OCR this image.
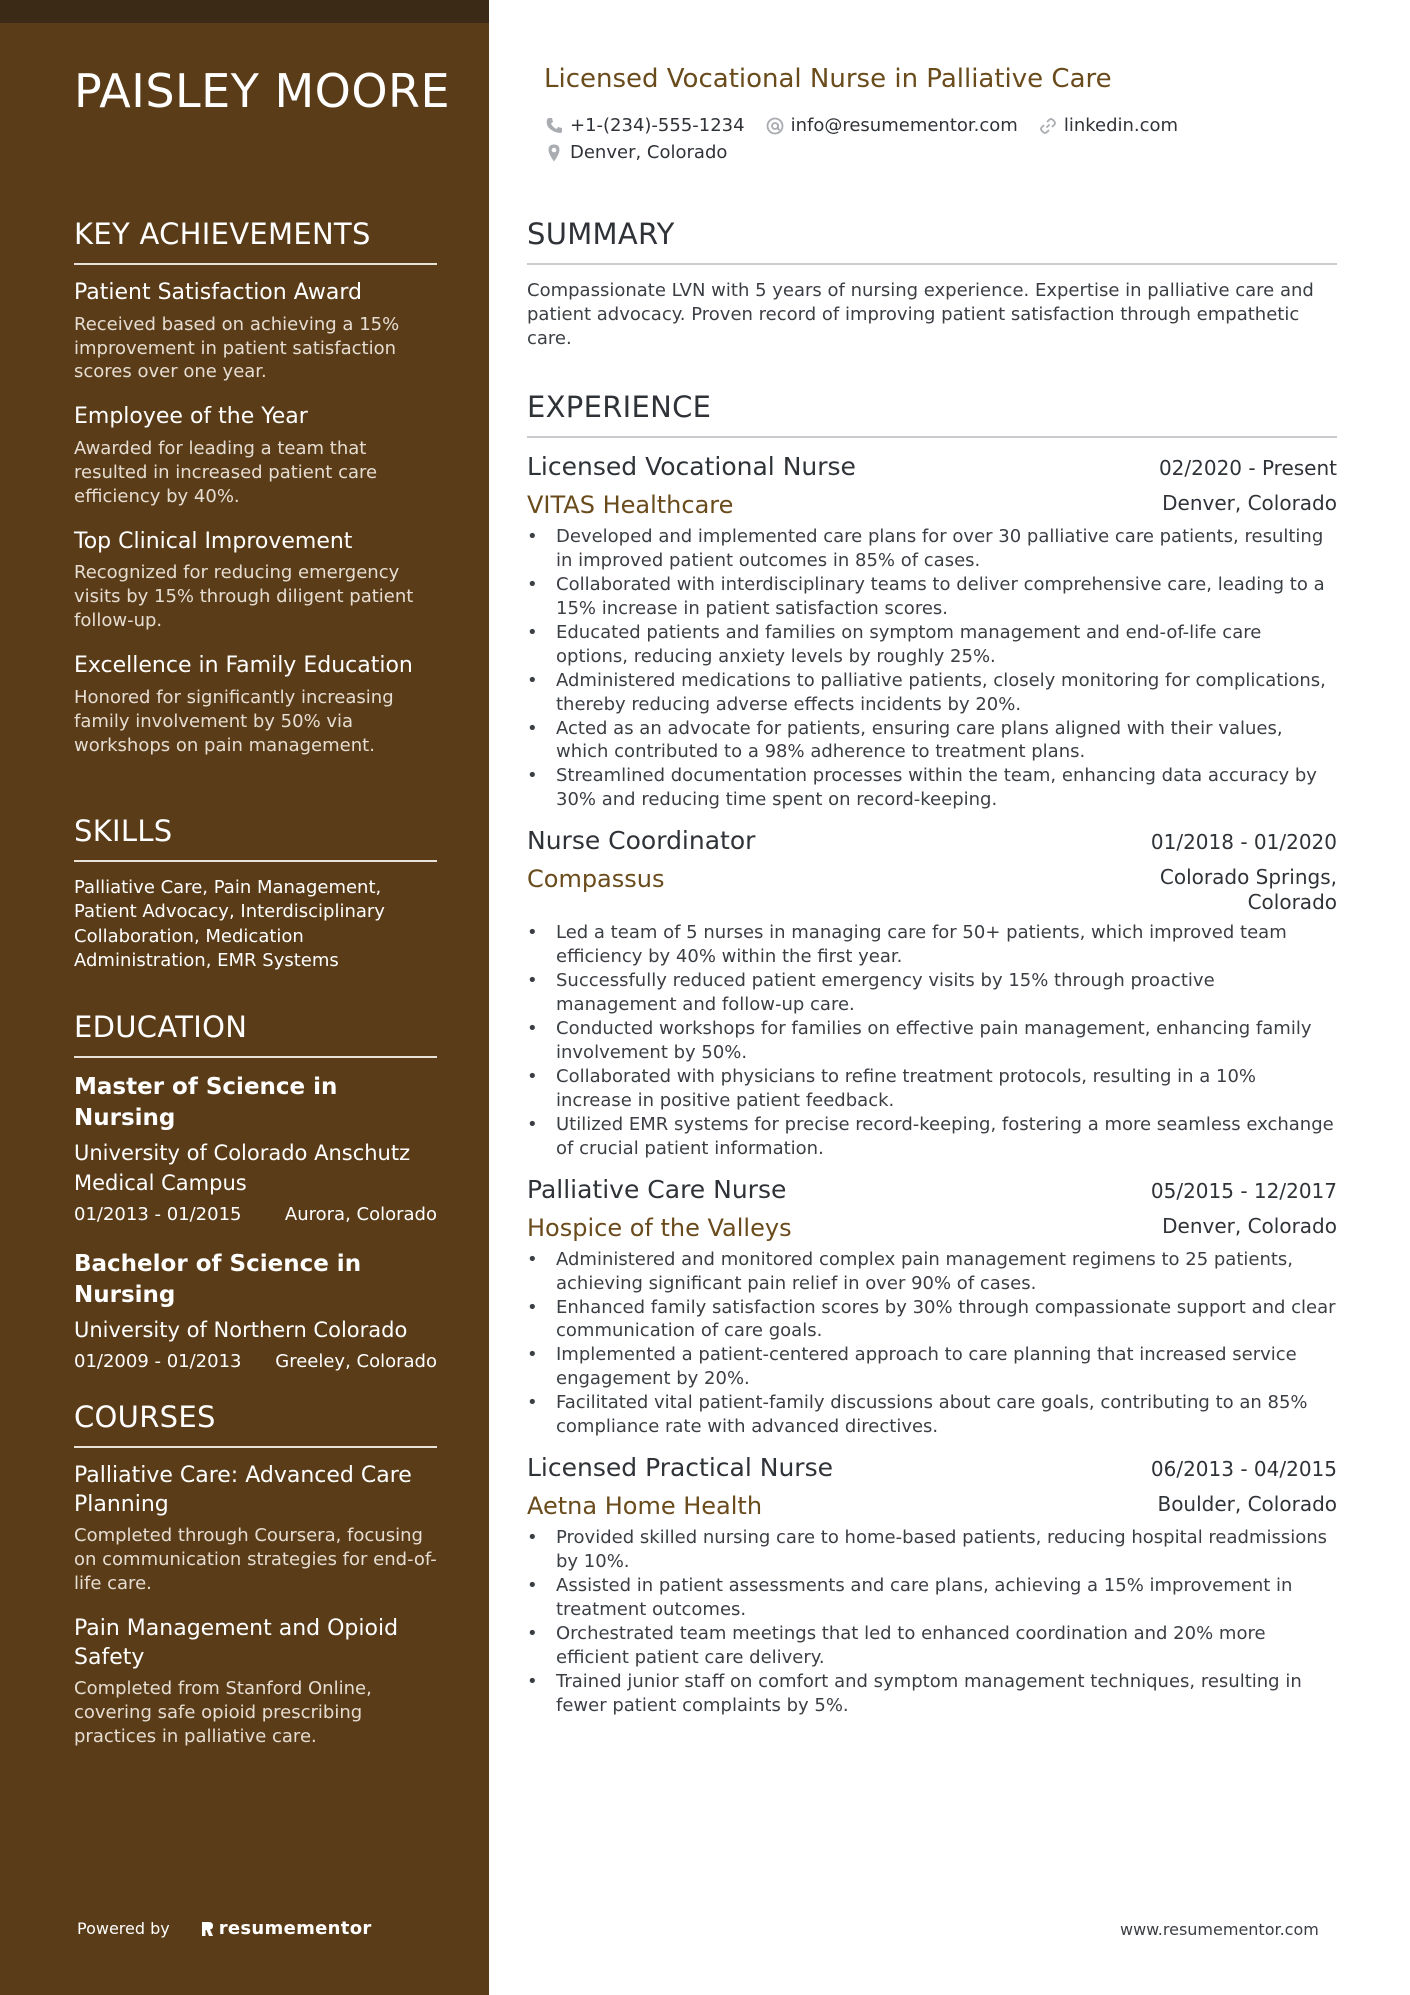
PAISLEY MOORE
KEY ACHIEVEMENTS
Patient Satisfaction Award
Received based on achieving a 15% improvement in patient satisfaction scores over one year.
Employee of the Year
Awarded for leading a team that resulted in increased patient care efficiency by 40%.
Top Clinical Improvement
Recognized for reducing emergency visits by 15% through diligent patient follow-up.
Excellence in Family Education
Honored for significantly increasing family involvement by 50% via workshops on pain management.
SKILLS
Palliative Care, Pain Management, Patient Advocacy, Interdisciplinary Collaboration, Medication Administration, EMR Systems
EDUCATION
Master of Science in Nursing
University of Colorado Anschutz Medical Campus
01/2013 - 01/2015 Aurora, Colorado
Bachelor of Science in Nursing
University of Northern Colorado
01/2009 - 01/2013 Greeley, Colorado
COURSES
Palliative Care: Advanced Care Planning
Completed through Coursera, focusing on communication strategies for end-of-life care.
Pain Management and Opioid Safety
Completed from Stanford Online, covering safe opioid prescribing practices in palliative care.
Powered by	resumementor
Licensed Vocational Nurse in Palliative Care
+1-(234)-555-1234	info@resumementor.com	linkedin.com
Denver, Colorado
SUMMARY
Compassionate LVN with 5 years of nursing experience. Expertise in palliative care and patient advocacy. Proven record of improving patient satisfaction through empathetic care.
EXPERIENCE
Licensed Vocational Nurse	02/2020 - Present
VITAS Healthcare	Denver, Colorado
• Developed and implemented care plans for over 30 palliative care patients, resulting in improved patient outcomes in 85% of cases.
• Collaborated with interdisciplinary teams to deliver comprehensive care, leading to a 15% increase in patient satisfaction scores.
• Educated patients and families on symptom management and end-of-life care options, reducing anxiety levels by roughly 25%.
• Administered medications to palliative patients, closely monitoring for complications, thereby reducing adverse effects incidents by 20%.
• Acted as an advocate for patients, ensuring care plans aligned with their values, which contributed to a 98% adherence to treatment plans.
• Streamlined documentation processes within the team, enhancing data accuracy by 30% and reducing time spent on record-keeping.
Nurse Coordinator	01/2018 - 01/2020
Compassus	Colorado Springs, Colorado
• Led a team of 5 nurses in managing care for 50+ patients, which improved team efficiency by 40% within the first year.
• Successfully reduced patient emergency visits by 15% through proactive management and follow-up care.
• Conducted workshops for families on effective pain management, enhancing family involvement by 50%.
• Collaborated with physicians to refine treatment protocols, resulting in a 10% increase in positive patient feedback.
• Utilized EMR systems for precise record-keeping, fostering a more seamless exchange of crucial patient information.
Palliative Care Nurse	05/2015 - 12/2017
Hospice of the Valleys	Denver, Colorado
• Administered and monitored complex pain management regimens to 25 patients, achieving significant pain relief in over 90% of cases.
• Enhanced family satisfaction scores by 30% through compassionate support and clear communication of care goals.
• Implemented a patient-centered approach to care planning that increased service engagement by 20%.
• Facilitated vital patient-family discussions about care goals, contributing to an 85% compliance rate with advanced directives.
Licensed Practical Nurse	06/2013 - 04/2015
Aetna Home Health	Boulder, Colorado
• Provided skilled nursing care to home-based patients, reducing hospital readmissions by 10%.
• Assisted in patient assessments and care plans, achieving a 15% improvement in treatment outcomes.
• Orchestrated team meetings that led to enhanced coordination and 20% more efficient patient care delivery.
• Trained junior staff on comfort and symptom management techniques, resulting in fewer patient complaints by 5%.
www.resumementor.com
